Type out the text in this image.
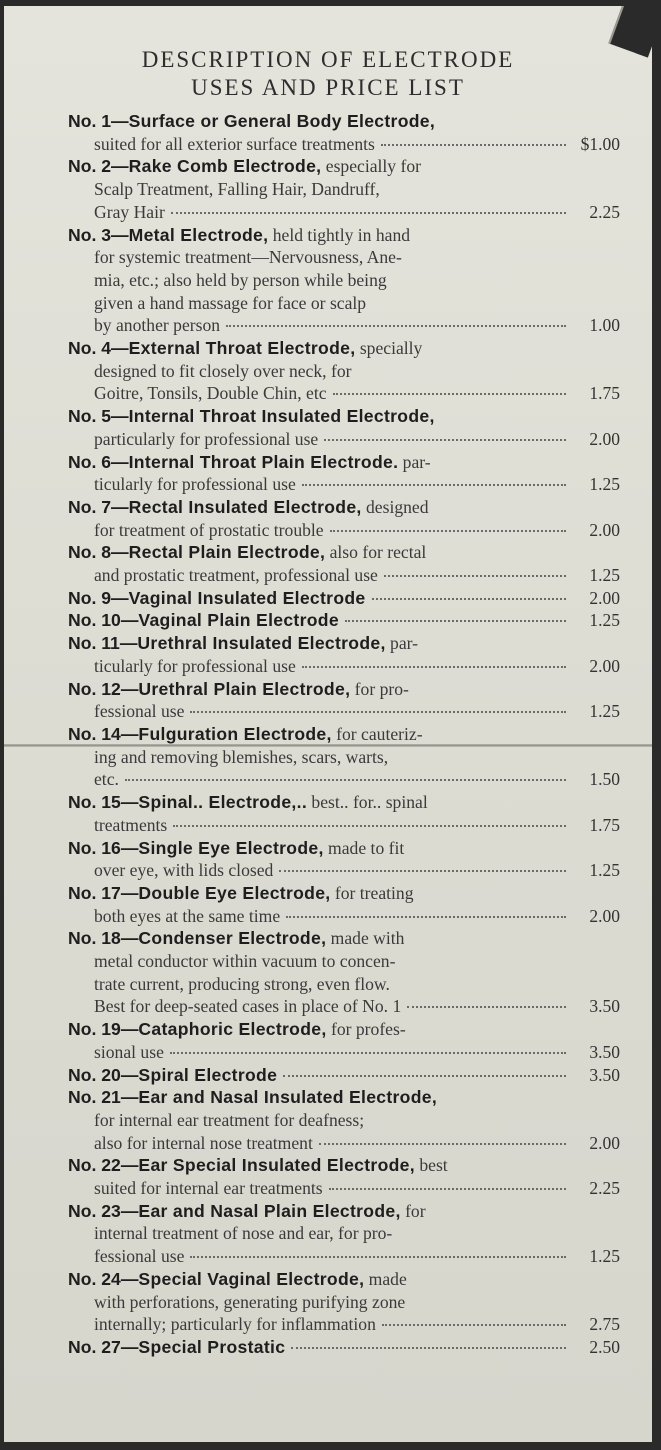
DESCRIPTION OF ELECTRODE
USES AND PRICE LIST
No. 1—Surface or General Body Electrode,
suited for all exterior surface treatments	$1.00
No. 2—Rake Comb Electrode, especially for
Scalp Treatment, Falling Hair, Dandruff,
Gray Hair	2.25
No. 3—Metal Electrode, held tightly in hand
for systemic treatment—Nervousness, Ane-
mia, etc.; also held by person while being
given a hand massage for face or scalp
by another person	1.00
No. 4—External Throat Electrode, specially
designed to fit closely over neck, for
Goitre, Tonsils, Double Chin, etc	1.75
No. 5—Internal Throat Insulated Electrode,
particularly for professional use	2.00
No. 6—Internal Throat Plain Electrode. par-
ticularly for professional use	1.25
No. 7—Rectal Insulated Electrode, designed
for treatment of prostatic trouble	2.00
No. 8—Rectal Plain Electrode, also for rectal
and prostatic treatment, professional use	1.25
No. 9—Vaginal Insulated Electrode	2.00
No. 10—Vaginal Plain Electrode	1.25
No. 11—Urethral Insulated Electrode, par-
ticularly for professional use	2.00
No. 12—Urethral Plain Electrode, for pro-
fessional use	1.25
No. 14—Fulguration Electrode, for cauteriz-
ing and removing blemishes, scars, warts,
etc.	1.50
No. 15—Spinal.. Electrode,.. best.. for.. spinal
treatments	1.75
No. 16—Single Eye Electrode, made to fit
over eye, with lids closed	1.25
No. 17—Double Eye Electrode, for treating
both eyes at the same time	2.00
No. 18—Condenser Electrode, made with
metal conductor within vacuum to concen-
trate current, producing strong, even flow.
Best for deep-seated cases in place of No. 1	3.50
No. 19—Cataphoric Electrode, for profes-
sional use	3.50
No. 20—Spiral Electrode	3.50
No. 21—Ear and Nasal Insulated Electrode,
for internal ear treatment for deafness;
also for internal nose treatment	2.00
No. 22—Ear Special Insulated Electrode, best
suited for internal ear treatments	2.25
No. 23—Ear and Nasal Plain Electrode, for
internal treatment of nose and ear, for pro-
fessional use	1.25
No. 24—Special Vaginal Electrode, made
with perforations, generating purifying zone
internally; particularly for inflammation	2.75
No. 27—Special Prostatic	2.50
